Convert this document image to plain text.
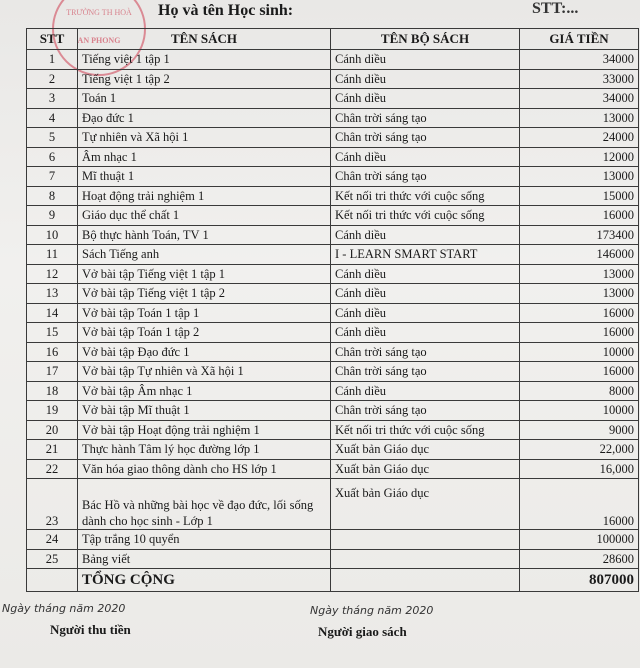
TRƯỜNG TH HOÀ
AN PHONG
Họ và tên Học sinh:	STT:...
STT	TÊN SÁCH	TÊN BỘ SÁCH	GIÁ TIỀN
1	Tiếng việt 1 tập 1	Cánh diều	34000
2	Tiếng việt 1 tập 2	Cánh diều	33000
3	Toán 1	Cánh diều	34000
4	Đạo đức 1	Chân trời sáng tạo	13000
5	Tự nhiên và Xã hội 1	Chân trời sáng tạo	24000
6	Âm nhạc 1	Cánh diều	12000
7	Mĩ thuật 1	Chân trời sáng tạo	13000
8	Hoạt động trải nghiệm 1	Kết nối tri thức với cuộc sống	15000
9	Giáo dục thể chất 1	Kết nối tri thức với cuộc sống	16000
10	Bộ thực hành Toán, TV 1	Cánh diều	173400
11	Sách Tiếng anh	I - LEARN SMART START	146000
12	Vở bài tập Tiếng việt 1 tập 1	Cánh diều	13000
13	Vở bài tập Tiếng việt 1 tập 2	Cánh diều	13000
14	Vở bài tập Toán 1 tập 1	Cánh diều	16000
15	Vở bài tập Toán 1 tập 2	Cánh diều	16000
16	Vở bài tập Đạo đức 1	Chân trời sáng tạo	10000
17	Vở bài tập Tự nhiên và Xã hội 1	Chân trời sáng tạo	16000
18	Vở bài tập Âm nhạc 1	Cánh diều	8000
19	Vở bài tập Mĩ thuật 1	Chân trời sáng tạo	10000
20	Vở bài tập Hoạt động trải nghiệm 1	Kết nối tri thức với cuộc sống	9000
21	Thực hành Tâm lý học đường lớp 1	Xuất bản Giáo dục	22,000
22	Văn hóa giao thông dành cho HS lớp 1	Xuất bản Giáo dục	16,000
23	Bác Hồ và những bài học về đạo đức, lối sống dành cho học sinh - Lớp 1	Xuất bản Giáo dục	16000
24	Tập trắng 10 quyển		100000
25	Bảng viết		28600
	TỔNG CỘNG		807000
Ngày tháng năm 2020
Người thu tiền
Ngày tháng năm 2020
Người giao sách
